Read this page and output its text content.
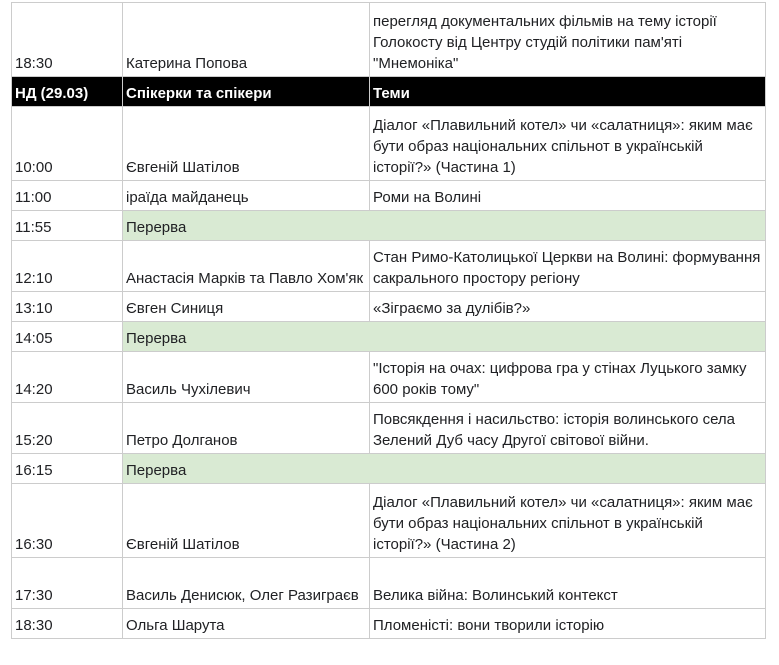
18:30	Катерина Попова	перегляд документальних фільмів на тему історії Голокосту від Центру студій політики пам'яті "Мнемоніка"
НД (29.03)	Спікерки та спікери	Теми
10:00	Євгеній Шатілов	Діалог «Плавильний котел» чи «салатниця»: яким має бути образ національних спільнот в українській історії?» (Частина 1)
11:00	іраїда майданець	Роми на Волині
11:55	Перерва	
12:10	Анастасія Марків та Павло Хом'як	Стан Римо-Католицької Церкви на Волині: формування сакрального простору регіону
13:10	Євген Синиця	«Зіграємо за дулібів?»
14:05	Перерва	
14:20	Василь Чухілевич	"Історія на очах: цифрова гра у стінах Луцького замку 600 років тому"
15:20	Петро Долганов	Повсякдення і насильство: історія волинського села Зелений Дуб часу Другої світової війни.
16:15	Перерва	
16:30	Євгеній Шатілов	Діалог «Плавильний котел» чи «салатниця»: яким має бути образ національних спільнот в українській історії?» (Частина 2)
17:30	Василь Денисюк, Олег Разиграєв	Велика війна: Волинський контекст
18:30	Ольга Шарута	Пломеністі: вони творили історію
